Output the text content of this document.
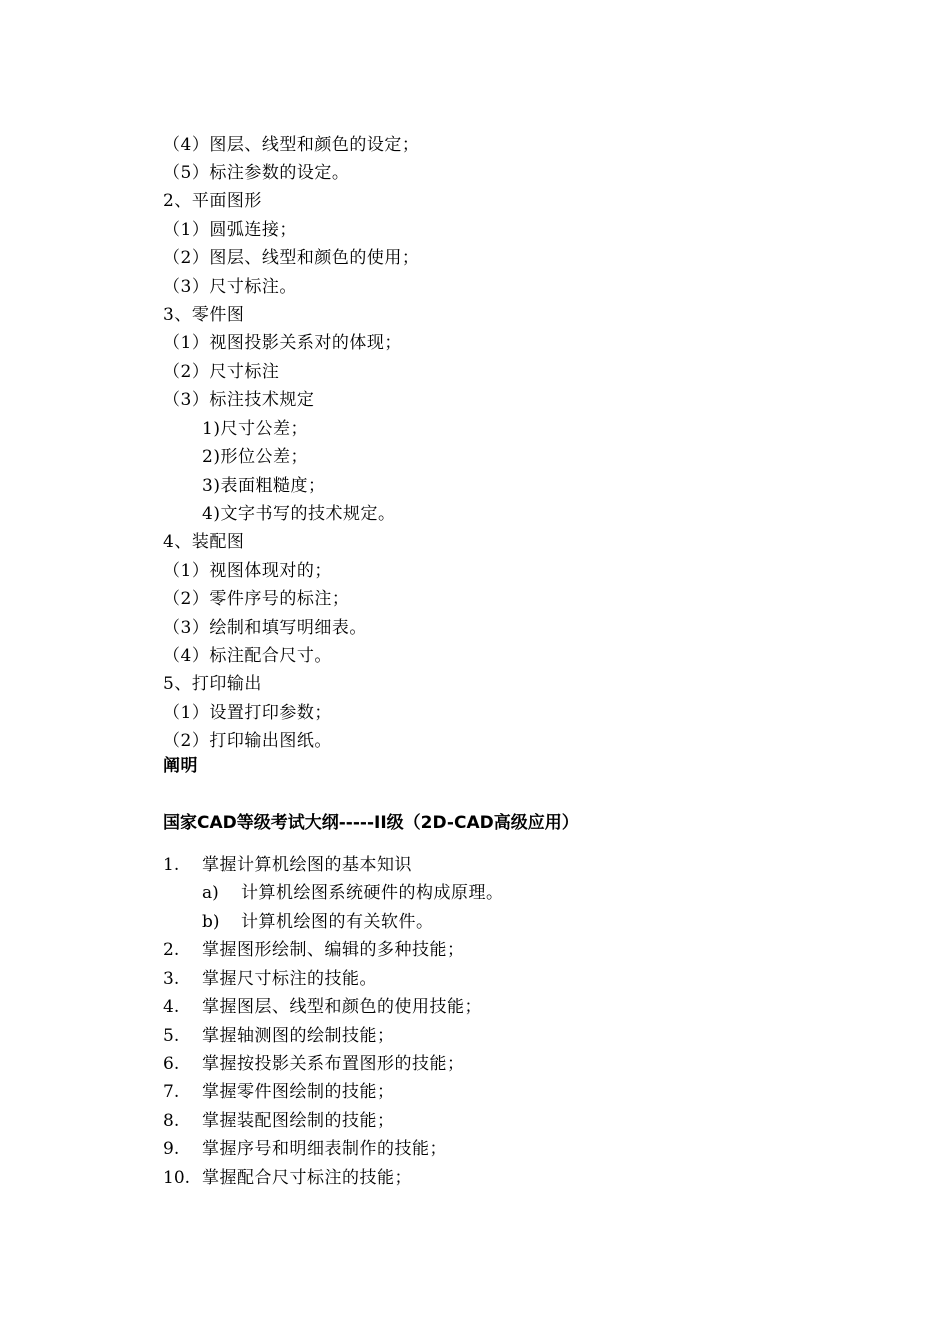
（4）图层、线型和颜色的设定；
（5）标注参数的设定。
2、平面图形
（1）圆弧连接；
（2）图层、线型和颜色的使用；
（3）尺寸标注。
3、零件图
（1）视图投影关系对的体现；
（2）尺寸标注
（3）标注技术规定
1)尺寸公差；
2)形位公差；
3)表面粗糙度；
4)文字书写的技术规定。
4、装配图
（1）视图体现对的；
（2）零件序号的标注；
（3）绘制和填写明细表。
（4）标注配合尺寸。
5、打印输出
（1）设置打印参数；
（2）打印输出图纸。
阐明
国家CAD等级考试大纲-----II级（2D-CAD高级应用）
1. 掌握计算机绘图的基本知识
a) 计算机绘图系统硬件的构成原理。
b) 计算机绘图的有关软件。
2. 掌握图形绘制、编辑的多种技能；
3. 掌握尺寸标注的技能。
4. 掌握图层、线型和颜色的使用技能；
5. 掌握轴测图的绘制技能；
6. 掌握按投影关系布置图形的技能；
7. 掌握零件图绘制的技能；
8. 掌握装配图绘制的技能；
9. 掌握序号和明细表制作的技能；
10. 掌握配合尺寸标注的技能；
